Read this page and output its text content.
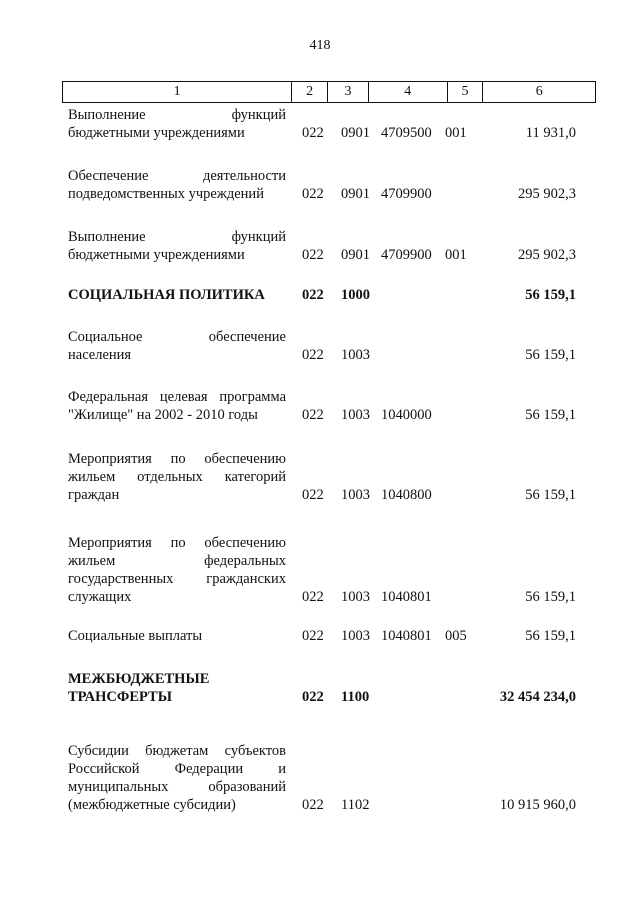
418
1	2	3	4	5	6
Выполнение функций
бюджетными учреждениями	022 0901 4709500 001	11 931,0
Обеспечение деятельности
подведомственных учреждений	022 0901 4709900	295 902,3
Выполнение функций
бюджетными учреждениями	022 0901 4709900 001	295 902,3
СОЦИАЛЬНАЯ ПОЛИТИКА	022 1000	56 159,1
Социальное обеспечение
населения	022 1003	56 159,1
Федеральная целевая программа
"Жилище" на 2002 - 2010 годы	022 1003 1040000	56 159,1
Мероприятия по обеспечению
жильем отдельных категорий
граждан	022 1003 1040800	56 159,1
Мероприятия по обеспечению
жильем федеральных
государственных гражданских
служащих	022 1003 1040801	56 159,1
Социальные выплаты	022 1003 1040801 005	56 159,1
МЕЖБЮДЖЕТНЫЕ
ТРАНСФЕРТЫ	022 1100	32 454 234,0
Субсидии бюджетам субъектов
Российской Федерации и
муниципальных образований
(межбюджетные субсидии)	022 1102	10 915 960,0
